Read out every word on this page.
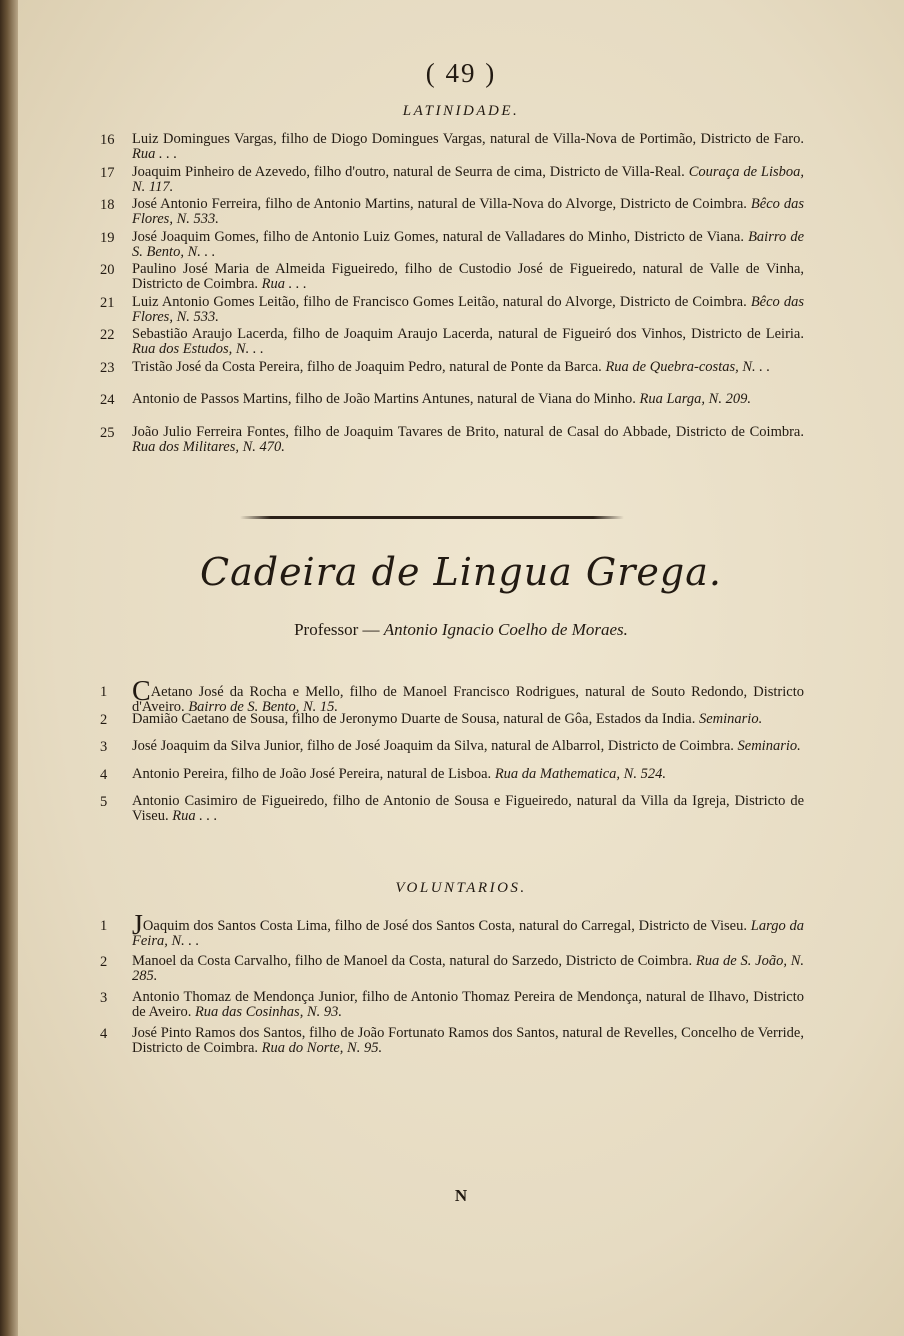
( 49 )
LATINIDADE.
16	Luiz Domingues Vargas, filho de Diogo Domingues Vargas, natural de Villa-Nova de Portimão, Districto de Faro. Rua . . .
17	Joaquim Pinheiro de Azevedo, filho d'outro, natural de Seurra de cima, Districto de Villa-Real. Couraça de Lisboa, N. 117.
18	José Antonio Ferreira, filho de Antonio Martins, natural de Villa-Nova do Alvorge, Districto de Coimbra. Bêco das Flores, N. 533.
19	José Joaquim Gomes, filho de Antonio Luiz Gomes, natural de Valladares do Minho, Districto de Viana. Bairro de S. Bento, N. . .
20	Paulino José Maria de Almeida Figueiredo, filho de Custodio José de Figueiredo, natural de Valle de Vinha, Districto de Coimbra. Rua . . .
21	Luiz Antonio Gomes Leitão, filho de Francisco Gomes Leitão, natural do Alvorge, Districto de Coimbra. Bêco das Flores, N. 533.
22	Sebastião Araujo Lacerda, filho de Joaquim Araujo Lacerda, natural de Figueiró dos Vinhos, Districto de Leiria. Rua dos Estudos, N. . .
23	Tristão José da Costa Pereira, filho de Joaquim Pedro, natural de Ponte da Barca. Rua de Quebra-costas, N. . .
24	Antonio de Passos Martins, filho de João Martins Antunes, natural de Viana do Minho. Rua Larga, N. 209.
25	João Julio Ferreira Fontes, filho de Joaquim Tavares de Brito, natural de Casal do Abbade, Districto de Coimbra. Rua dos Militares, N. 470.
Cadeira de Lingua Grega.
Professor — Antonio Ignacio Coelho de Moraes.
1 CAetano José da Rocha e Mello, filho de Manoel Francisco Rodrigues, natural de Souto Redondo, Districto d'Aveiro. Bairro de S. Bento, N. 15.
2	Damião Caetano de Sousa, filho de Jeronymo Duarte de Sousa, natural de Gôa, Estados da India. Seminario.
3	José Joaquim da Silva Junior, filho de José Joaquim da Silva, natural de Albarrol, Districto de Coimbra. Seminario.
4	Antonio Pereira, filho de João José Pereira, natural de Lisboa. Rua da Mathematica, N. 524.
5	Antonio Casimiro de Figueiredo, filho de Antonio de Sousa e Figueiredo, natural da Villa da Igreja, Districto de Viseu. Rua . . .
VOLUNTARIOS.
1 JOaquim dos Santos Costa Lima, filho de José dos Santos Costa, natural do Carregal, Districto de Viseu. Largo da Feira, N. . .
2	Manoel da Costa Carvalho, filho de Manoel da Costa, natural do Sarzedo, Districto de Coimbra. Rua de S. João, N. 285.
3	Antonio Thomaz de Mendonça Junior, filho de Antonio Thomaz Pereira de Mendonça, natural de Ilhavo, Districto de Aveiro. Rua das Cosinhas, N. 93.
4	José Pinto Ramos dos Santos, filho de João Fortunato Ramos dos Santos, natural de Revelles, Concelho de Verride, Districto de Coimbra. Rua do Norte, N. 95.
N
